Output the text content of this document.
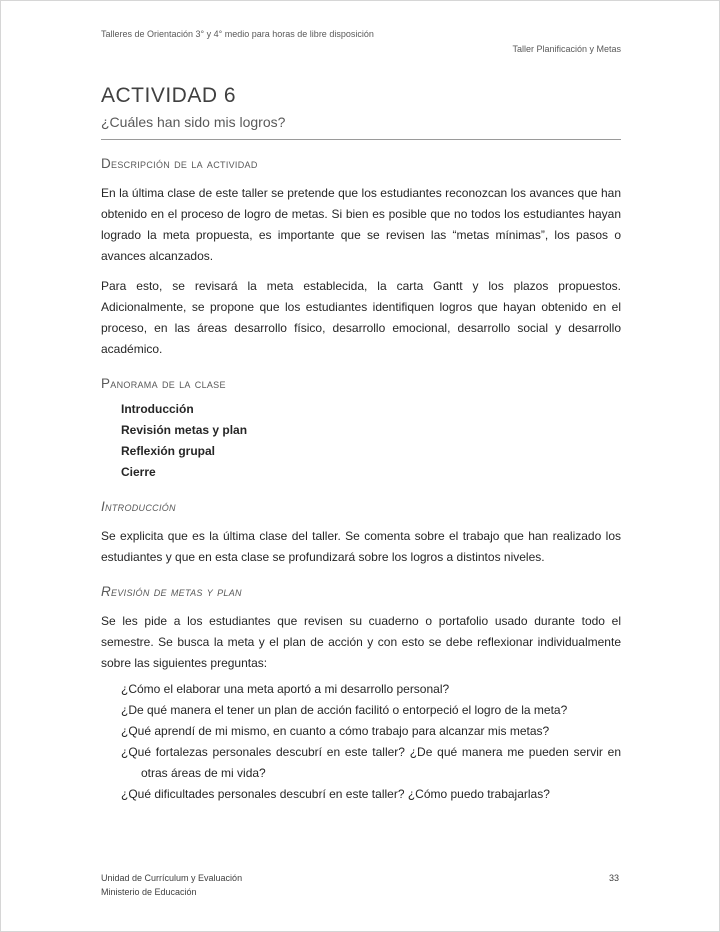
Talleres de Orientación 3° y 4° medio para horas de libre disposición
Taller Planificación y Metas
ACTIVIDAD 6
¿Cuáles han sido mis logros?
Descripción de la actividad

En la última clase de este taller se pretende que los estudiantes reconozcan los avances que han obtenido en el proceso de logro de metas. Si bien es posible que no todos los estudiantes hayan logrado la meta propuesta, es importante que se revisen las “metas mínimas”, los pasos o avances alcanzados.

Para esto, se revisará la meta establecida, la carta Gantt y los plazos propuestos. Adicionalmente, se propone que los estudiantes identifiquen logros que hayan obtenido en el proceso, en las áreas desarrollo físico, desarrollo emocional, desarrollo social y desarrollo académico.

Panorama de la clase
Introducción
Revisión metas y plan
Reflexión grupal
Cierre
Introducción

Se explicita que es la última clase del taller. Se comenta sobre el trabajo que han realizado los estudiantes y que en esta clase se profundizará sobre los logros a distintos niveles.

Revisión de metas y plan

Se les pide a los estudiantes que revisen su cuaderno o portafolio usado durante todo el semestre. Se busca la meta y el plan de acción y con esto se debe reflexionar individualmente sobre las siguientes preguntas:

¿Cómo el elaborar una meta aportó a mi desarrollo personal?
¿De qué manera el tener un plan de acción facilitó o entorpeció el logro de la meta?
¿Qué aprendí de mi mismo, en cuanto a cómo trabajo para alcanzar mis metas?
¿Qué fortalezas personales descubrí en este taller? ¿De qué manera me pueden servir en otras áreas de mi vida?
¿Qué dificultades personales descubrí en este taller? ¿Cómo puedo trabajarlas?
Unidad de Currículum y Evaluación
Ministerio de Educación
33
